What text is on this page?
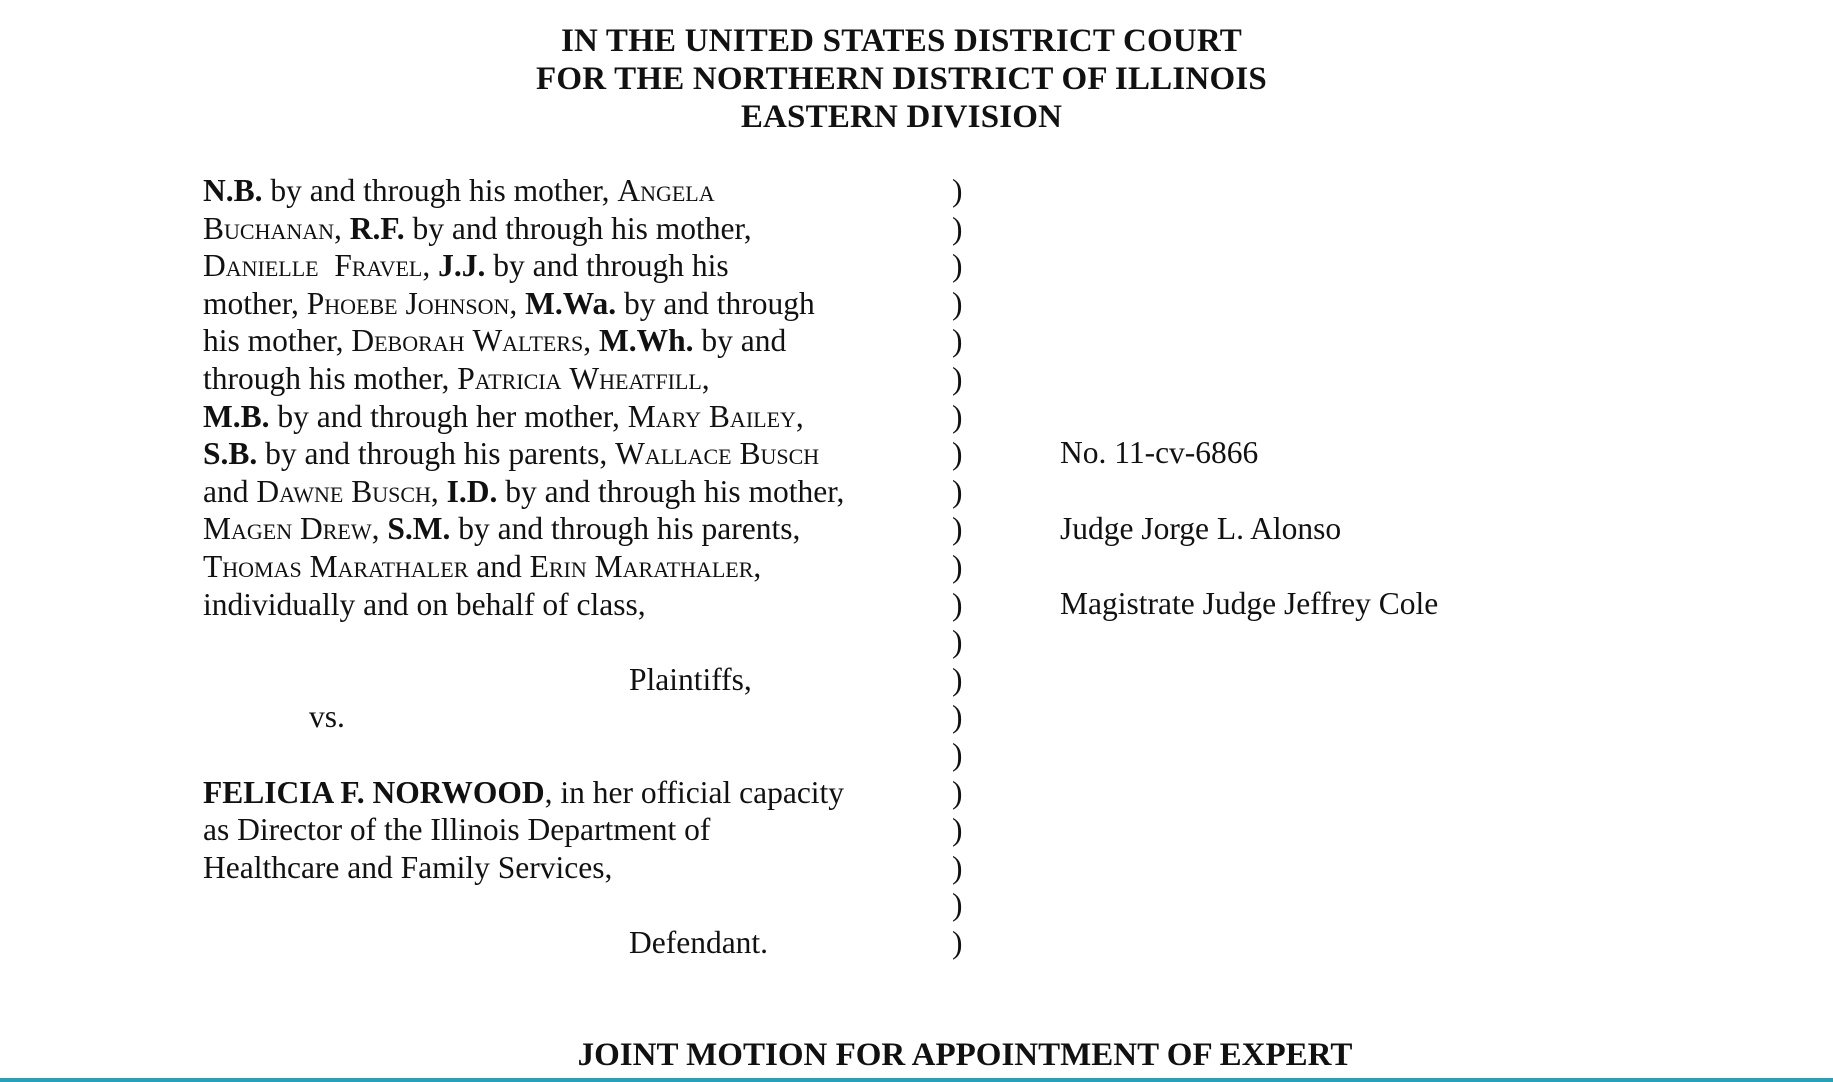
IN THE UNITED STATES DISTRICT COURT
FOR THE NORTHERN DISTRICT OF ILLINOIS
EASTERN DIVISION
N.B. by and through his mother, Angela
Buchanan, R.F. by and through his mother,
Danielle Fravel, J.J. by and through his
mother, Phoebe Johnson, M.Wa. by and through
his mother, Deborah Walters, M.Wh. by and
through his mother, Patricia Wheatfill,
M.B. by and through her mother, Mary Bailey,
S.B. by and through his parents, Wallace Busch
and Dawne Busch, I.D. by and through his mother,
Magen Drew, S.M. by and through his parents,
Thomas Marathaler and Erin Marathaler,
individually and on behalf of class,
Plaintiffs,
vs.
FELICIA F. NORWOOD, in her official capacity
as Director of the Illinois Department of
Healthcare and Family Services,
Defendant.
)
)
)
)
)
)
)
)
)
)
)
)
)
)
)
)
)
)
)
)
)
No. 11-cv-6866
Judge Jorge L. Alonso
Magistrate Judge Jeffrey Cole
JOINT MOTION FOR APPOINTMENT OF EXPERT
